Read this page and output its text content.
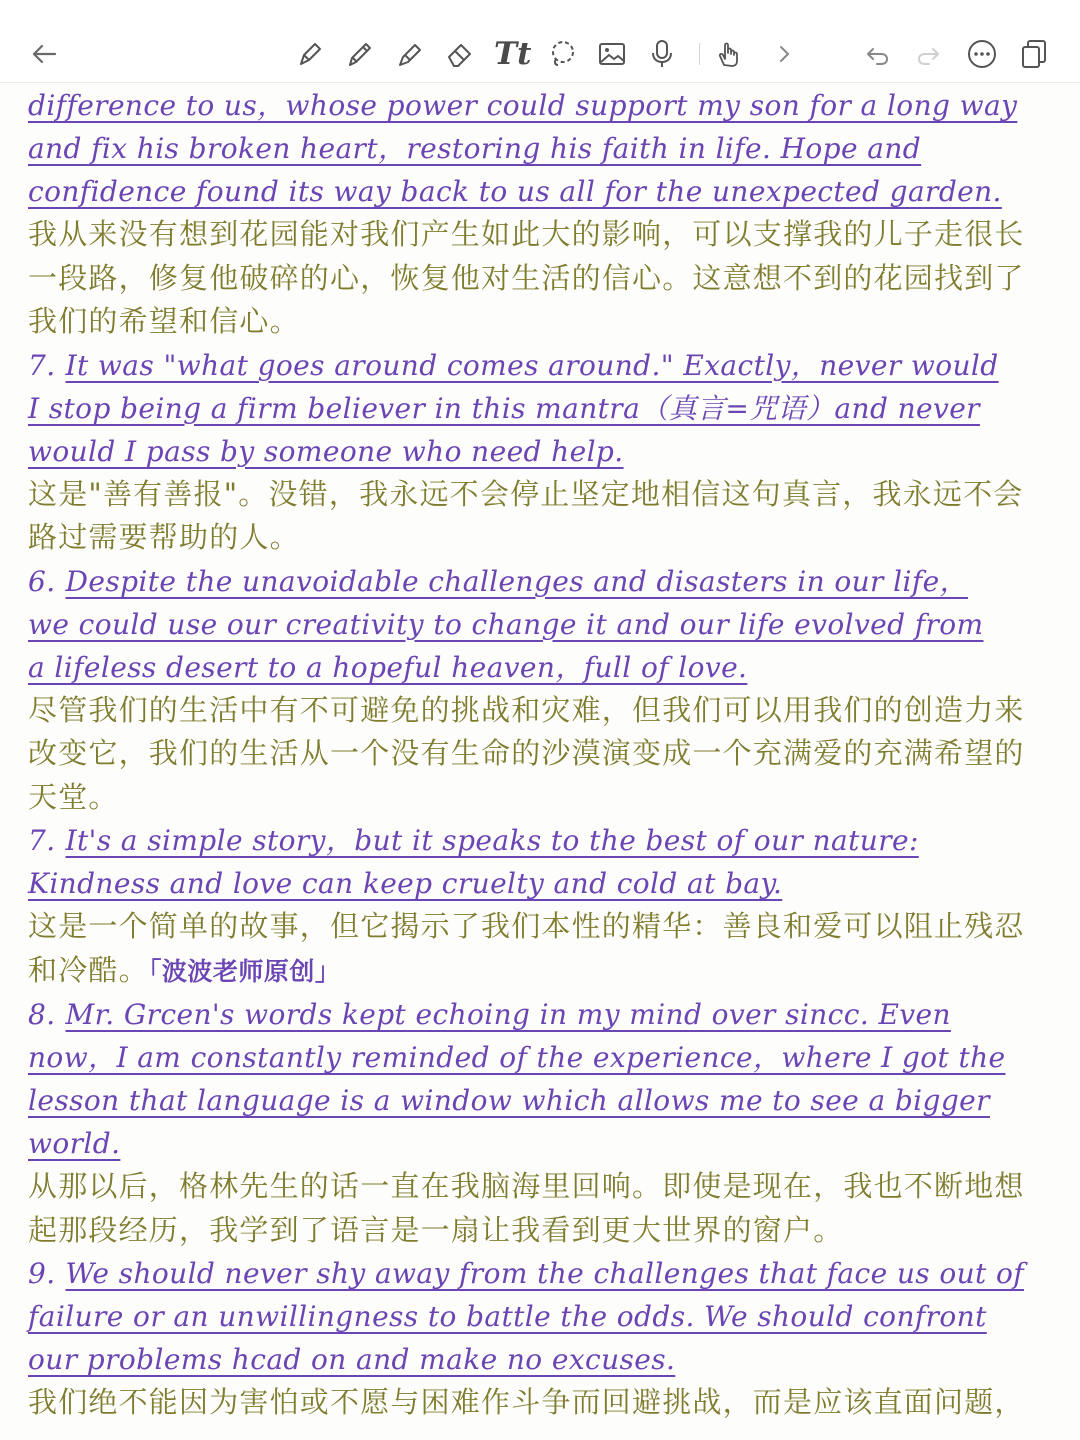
Tt
difference to us，whose power could support my son for a long way
and fix his broken heart，restoring his faith in life. Hope and
confidence found its way back to us all for the unexpected garden.
我从来没有想到花园能对我们产生如此大的影响，可以支撑我的儿子走很长
一段路，修复他破碎的心，恢复他对生活的信心。这意想不到的花园找到了
我们的希望和信心。
7. It was "what goes around comes around." Exactly，never would
I stop being a firm believer in this mantra（真言=咒语）and never
would I pass by someone who need help.
这是"善有善报"。没错，我永远不会停止坚定地相信这句真言，我永远不会
路过需要帮助的人。
6. Despite the unavoidable challenges and disasters in our life，
we could use our creativity to change it and our life evolved from
a lifeless desert to a hopeful heaven，full of love.
尽管我们的生活中有不可避免的挑战和灾难，但我们可以用我们的创造力来
改变它，我们的生活从一个没有生命的沙漠演变成一个充满爱的充满希望的
天堂。
7. It's a simple story，but it speaks to the best of our nature:
Kindness and love can keep cruelty and cold at bay.
这是一个简单的故事，但它揭示了我们本性的精华：善良和爱可以阻止残忍
和冷酷。「波波老师原创」
8. Mr. Grcen's words kept echoing in my mind over sincc. Even
now，I am constantly reminded of the experience，where I got the
lesson that language is a window which allows me to see a bigger
world.
从那以后，格林先生的话一直在我脑海里回响。即使是现在，我也不断地想
起那段经历，我学到了语言是一扇让我看到更大世界的窗户。
9. We should never shy away from the challenges that face us out of
failure or an unwillingness to battle the odds. We should confront
our problems hcad on and make no excuses.
我们绝不能因为害怕或不愿与困难作斗争而回避挑战，而是应该直面问题，
